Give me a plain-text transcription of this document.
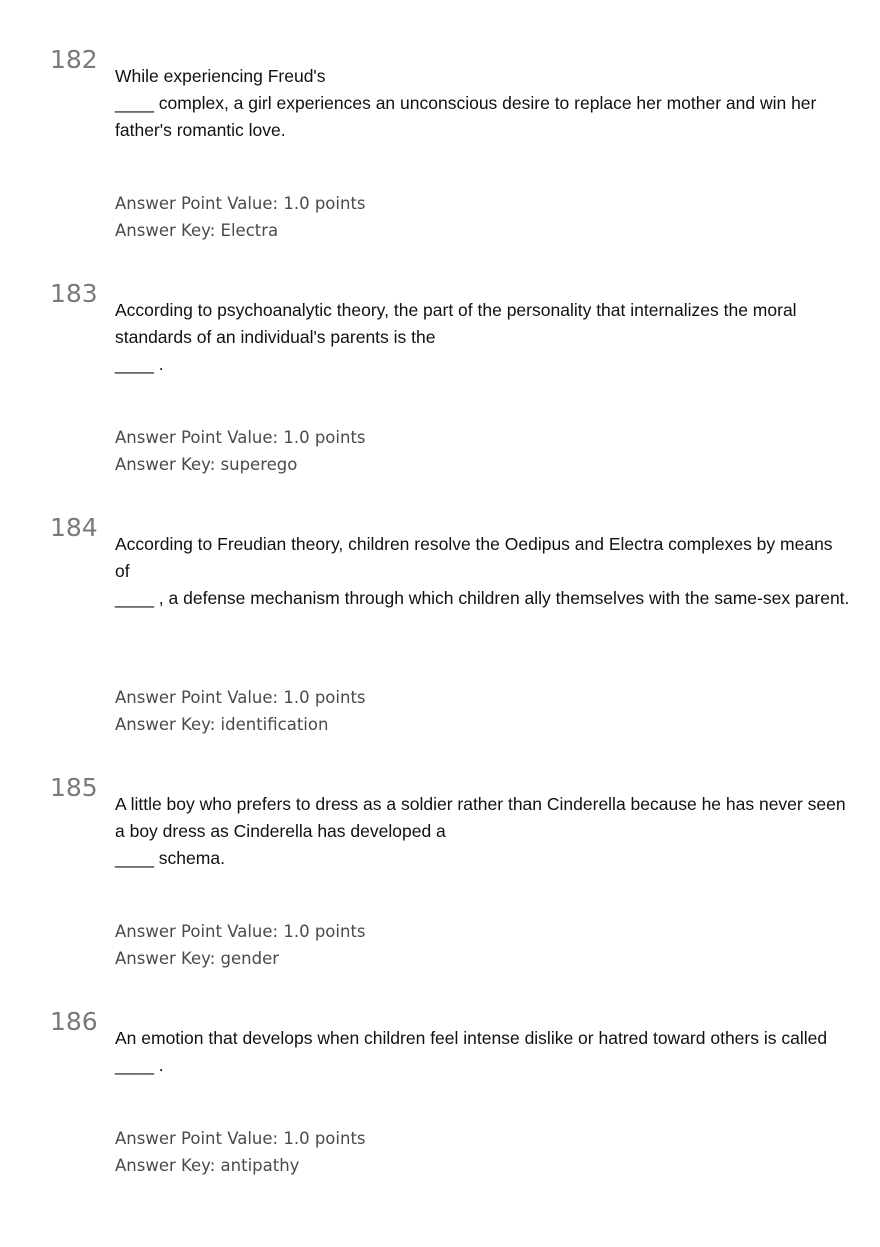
182
While experiencing Freud's
____ complex, a girl experiences an unconscious desire to replace her mother and win her father's romantic love.
Answer Point Value: 1.0 points
Answer Key: Electra
183
According to psychoanalytic theory, the part of the personality that internalizes the moral standards of an individual's parents is the
____ .
Answer Point Value: 1.0 points
Answer Key: superego
184
According to Freudian theory, children resolve the Oedipus and Electra complexes by means of
____ , a defense mechanism through which children ally themselves with the same-sex parent.
Answer Point Value: 1.0 points
Answer Key: identification
185
A little boy who prefers to dress as a soldier rather than Cinderella because he has never seen a boy dress as Cinderella has developed a
____ schema.
Answer Point Value: 1.0 points
Answer Key: gender
186
An emotion that develops when children feel intense dislike or hatred toward others is called
____ .
Answer Point Value: 1.0 points
Answer Key: antipathy
